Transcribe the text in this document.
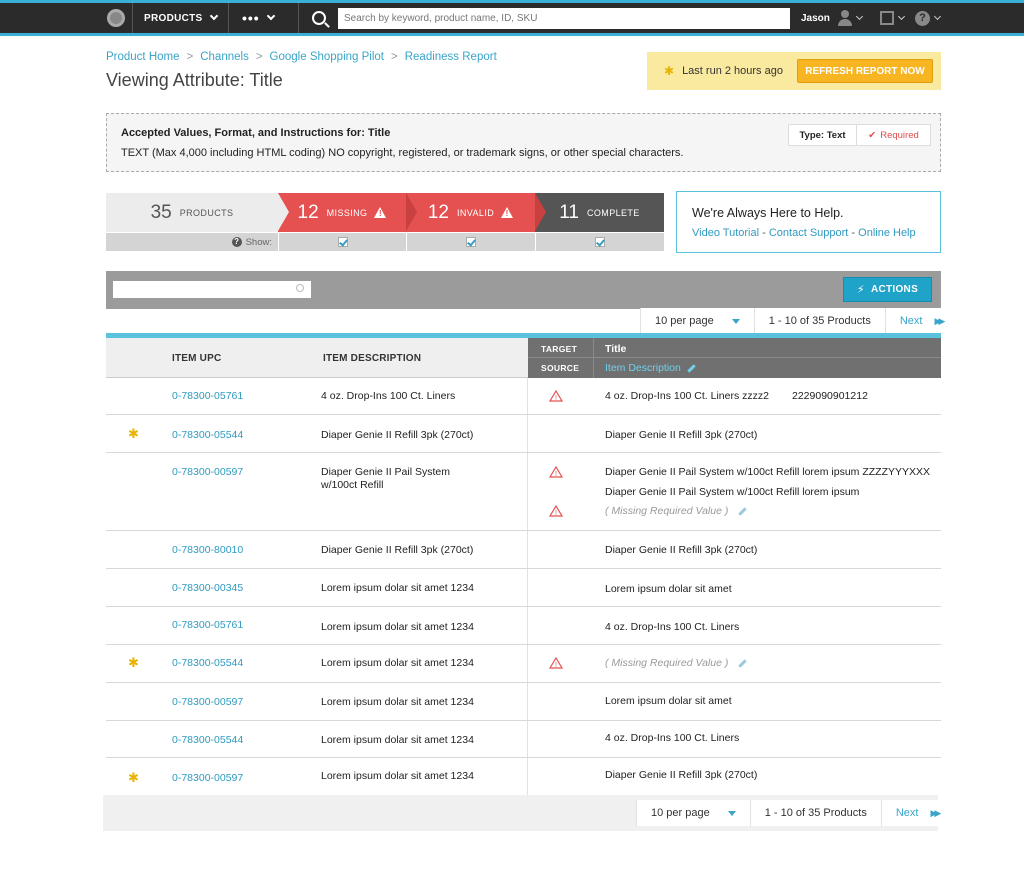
PRODUCTS	•••
Search by keyword, product name, ID, SKU	Jason	?
Product Home > Channels > Google Shopping Pilot > Readiness Report
Viewing Attribute: Title	✱ Last run 2 hours ago	REFRESH REPORT NOW
Accepted Values, Format, and Instructions for: Title
TEXT (Max 4,000 including HTML coding) NO copyright, registered, or trademark signs, or other special characters.
Type: Text	✔ Required
35 PRODUCTS	12 MISSING !	12 INVALID !	11 COMPLETE
? Show:
We're Always Here to Help.
Video Tutorial - Contact Support - Online Help
⚡ ACTIONS
10 per page	1 - 10 of 35 Products	Next ▶▶
ITEM UPC	ITEM DESCRIPTION
TARGET
SOURCE
Title
Item Description
0-78300-05761	4 oz. Drop-Ins 100 Ct. Liners	!	4 oz. Drop-Ins 100 Ct. Liners zzzz2 2229090901212
✱	0-78300-05544	Diaper Genie II Refill 3pk (270ct)	Diaper Genie II Refill 3pk (270ct)
0-78300-00597	Diaper Genie II Pail System
w/100ct Refill
!	Diaper Genie II Pail System w/100ct Refill lorem ipsum ZZZZYYYXXX
Diaper Genie II Pail System w/100ct Refill lorem ipsum
!	( Missing Required Value )
0-78300-80010	Diaper Genie II Refill 3pk (270ct)	Diaper Genie II Refill 3pk (270ct)
0-78300-00345	Lorem ipsum dolar sit amet 1234	Lorem ipsum dolar sit amet
0-78300-05761	Lorem ipsum dolar sit amet 1234	4 oz. Drop-Ins 100 Ct. Liners
✱	0-78300-05544	Lorem ipsum dolar sit amet 1234	!	( Missing Required Value )
0-78300-00597	Lorem ipsum dolar sit amet 1234	Lorem ipsum dolar sit amet
0-78300-05544	Lorem ipsum dolar sit amet 1234	4 oz. Drop-Ins 100 Ct. Liners
✱	0-78300-00597	Lorem ipsum dolar sit amet 1234	Diaper Genie II Refill 3pk (270ct)
10 per page	1 - 10 of 35 Products	Next ▶▶
